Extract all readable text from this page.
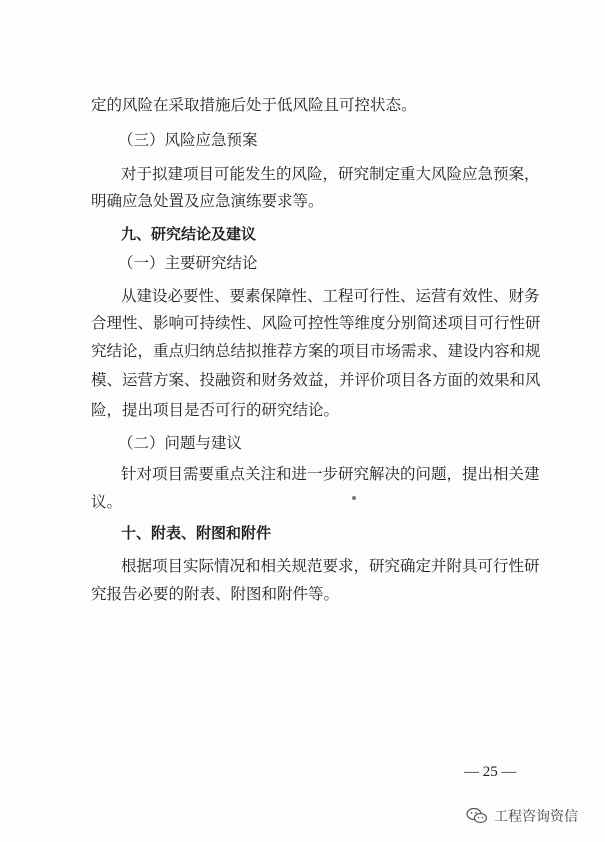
定的风险在采取措施后处于低风险且可控状态。
（三）风险应急预案
对于拟建项目可能发生的风险，研究制定重大风险应急预案，
明确应急处置及应急演练要求等。
九、研究结论及建议
（一）主要研究结论
从建设必要性、要素保障性、工程可行性、运营有效性、财务
合理性、影响可持续性、风险可控性等维度分别简述项目可行性研
究结论，重点归纳总结拟推荐方案的项目市场需求、建设内容和规
模、运营方案、投融资和财务效益，并评价项目各方面的效果和风
险，提出项目是否可行的研究结论。
（二）问题与建议
针对项目需要重点关注和进一步研究解决的问题，提出相关建
议。
十、附表、附图和附件
根据项目实际情况和相关规范要求，研究确定并附具可行性研
究报告必要的附表、附图和附件等。
— 25 —
工程咨询资信
